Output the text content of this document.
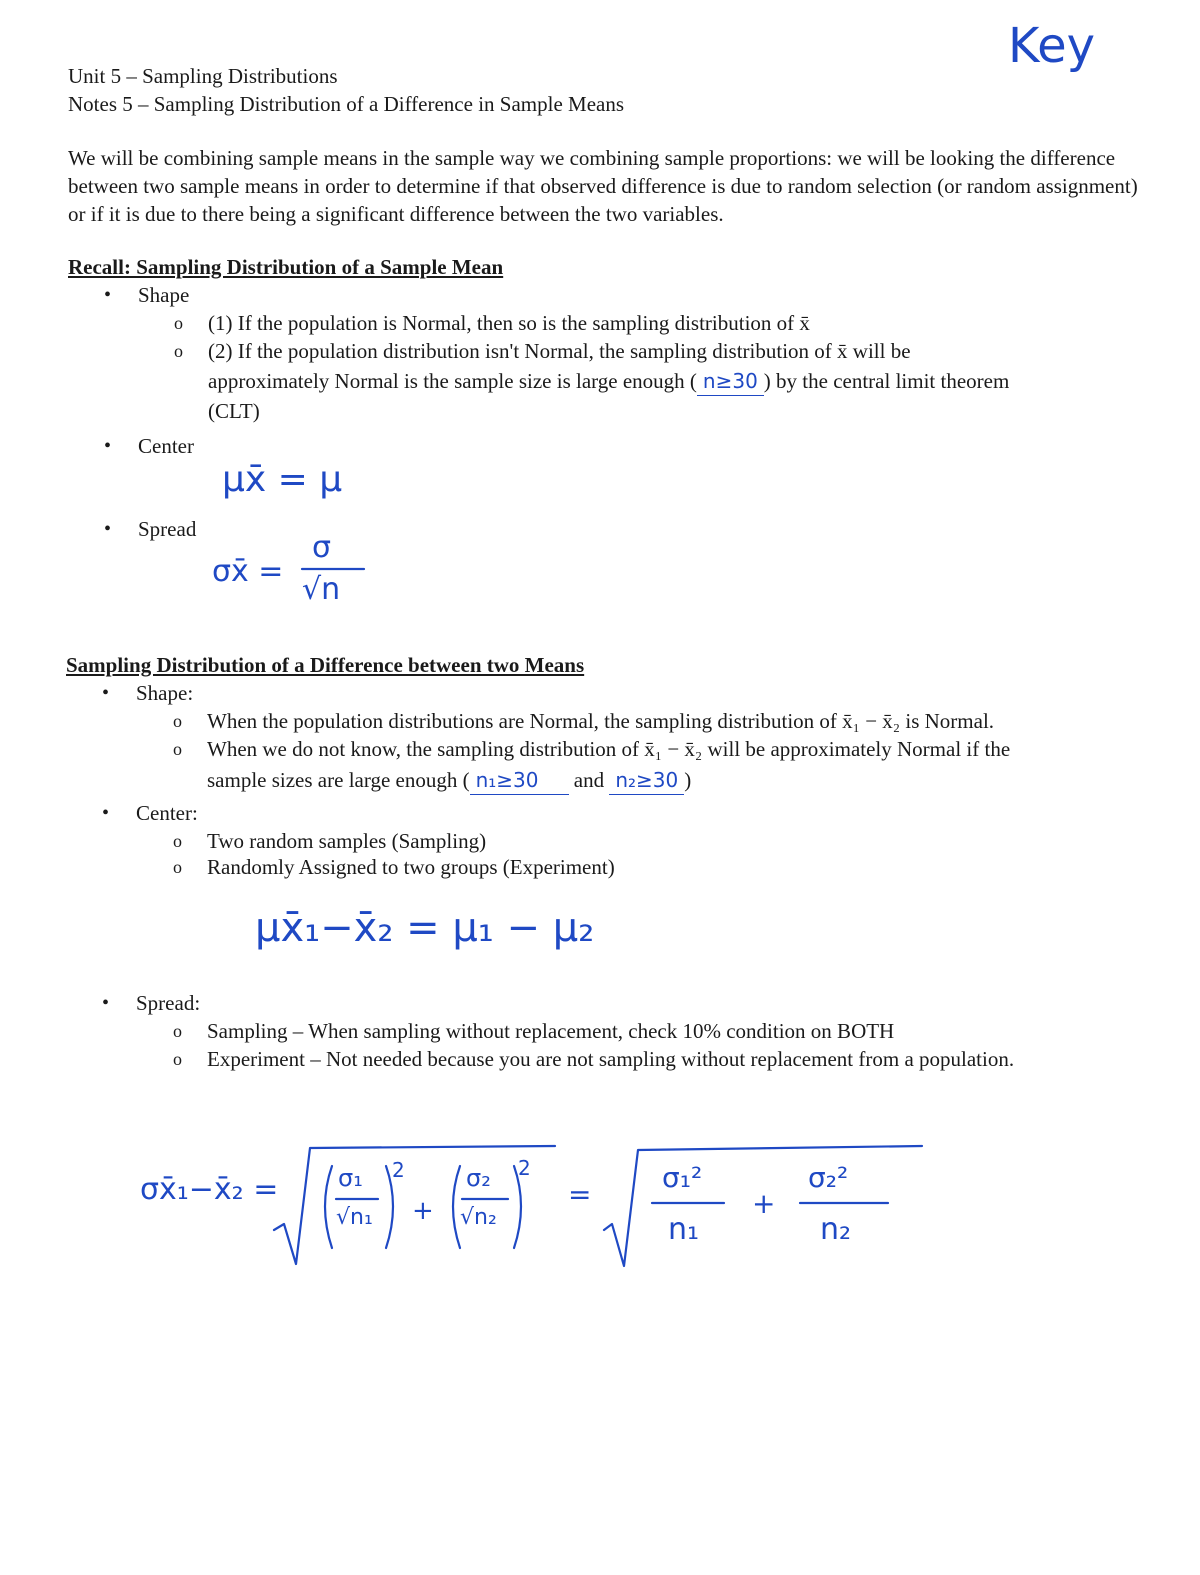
Key
Unit 5 – Sampling Distributions
Notes 5 – Sampling Distribution of a Difference in Sample Means
We will be combining sample means in the sample way we combining sample proportions: we will be looking the difference between two sample means in order to determine if that observed difference is due to random selection (or random assignment) or if it is due to there being a significant difference between the two variables.
Recall: Sampling Distribution of a Sample Mean
• Shape
o (1) If the population is Normal, then so is the sampling distribution of x̄
o (2) If the population distribution isn't Normal, the sampling distribution of x̄ will be
approximately Normal is the sample size is large enough ( n≥30 ) by the central limit theorem
(CLT)
• Center
μx̄ = μ
• Spread
σx̄ =
σ
√n
Sampling Distribution of a Difference between two Means
• Shape:
o When the population distributions are Normal, the sampling distribution of x̄₁ − x̄₂ is Normal.
o When we do not know, the sampling distribution of x̄₁ − x̄₂ will be approximately Normal if the
sample sizes are large enough ( n₁≥30 and n₂≥30 )
• Center:
o Two random samples (Sampling)
o Randomly Assigned to two groups (Experiment)
μx̄₁−x̄₂ = μ₁ − μ₂
• Spread:
o Sampling – When sampling without replacement, check 10% condition on BOTH
o Experiment – Not needed because you are not sampling without replacement from a population.
σx̄₁−x̄₂ = σ₁
√n₁
2
+
σ₂
√n₂
2
=
σ₁²
n₁
+
σ₂²
n₂
